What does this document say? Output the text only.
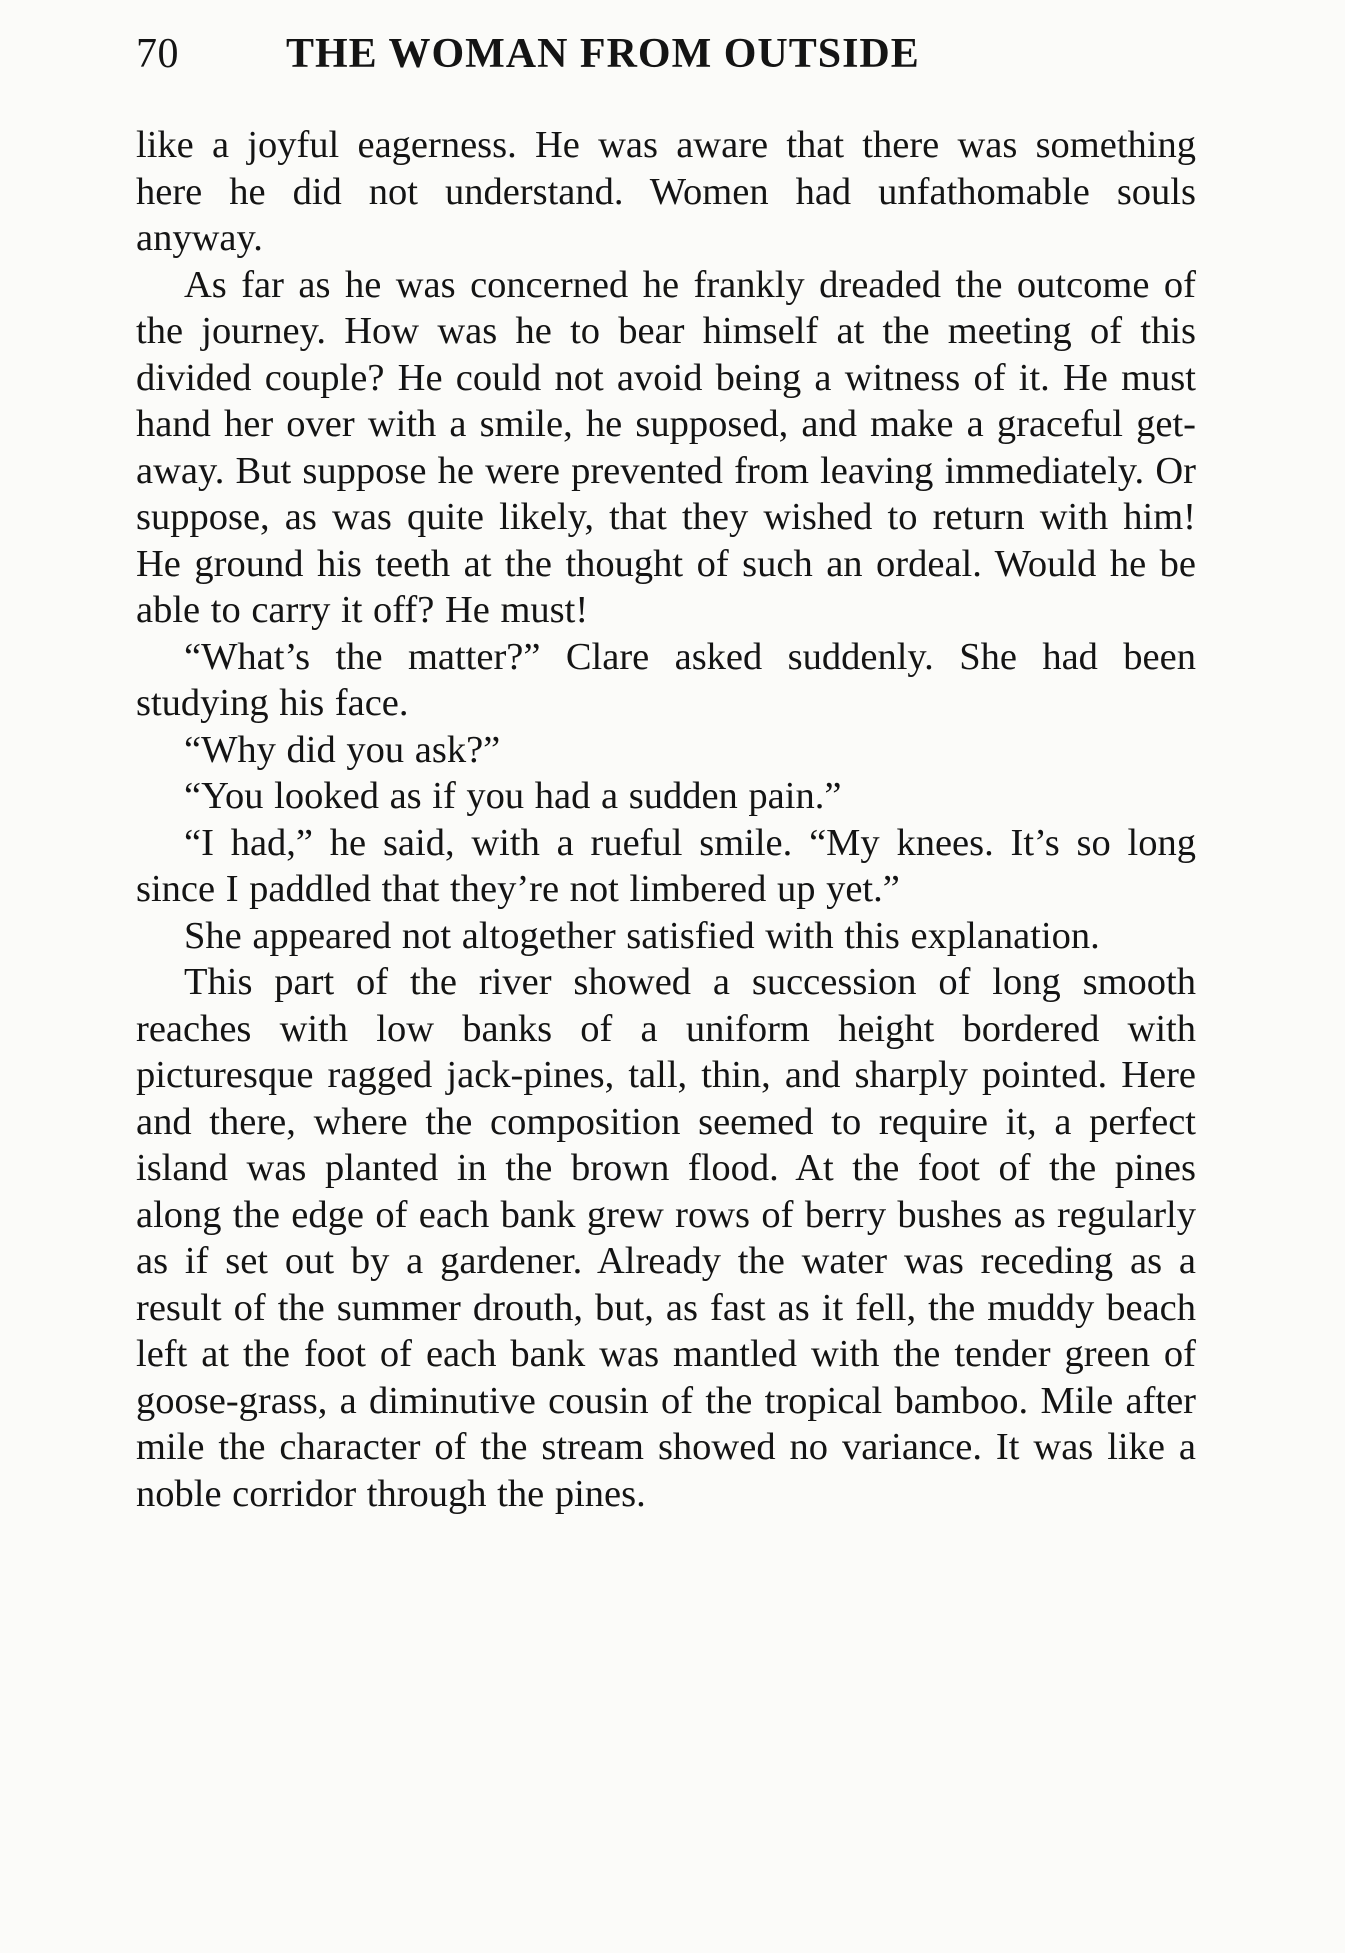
70	THE WOMAN FROM OUTSIDE

like a joyful eagerness. He was aware that there was something here he did not understand. Women had unfathomable souls anyway.

As far as he was concerned he frankly dreaded the outcome of the journey. How was he to bear himself at the meeting of this divided couple? He could not avoid being a witness of it. He must hand her over with a smile, he supposed, and make a graceful get-away. But suppose he were prevented from leaving immediately. Or suppose, as was quite likely, that they wished to return with him! He ground his teeth at the thought of such an ordeal. Would he be able to carry it off? He must!

“What’s the matter?” Clare asked suddenly. She had been studying his face.

“Why did you ask?”

“You looked as if you had a sudden pain.”

“I had,” he said, with a rueful smile. “My knees. It’s so long since I paddled that they’re not limbered up yet.”

She appeared not altogether satisfied with this explanation.

This part of the river showed a succession of long smooth reaches with low banks of a uniform height bordered with picturesque ragged jack-pines, tall, thin, and sharply pointed. Here and there, where the composition seemed to require it, a perfect island was planted in the brown flood. At the foot of the pines along the edge of each bank grew rows of berry bushes as regularly as if set out by a gardener. Already the water was receding as a result of the summer drouth, but, as fast as it fell, the muddy beach left at the foot of each bank was mantled with the tender green of goose-grass, a diminutive cousin of the tropical bamboo. Mile after mile the character of the stream showed no variance. It was like a noble corridor through the pines.
